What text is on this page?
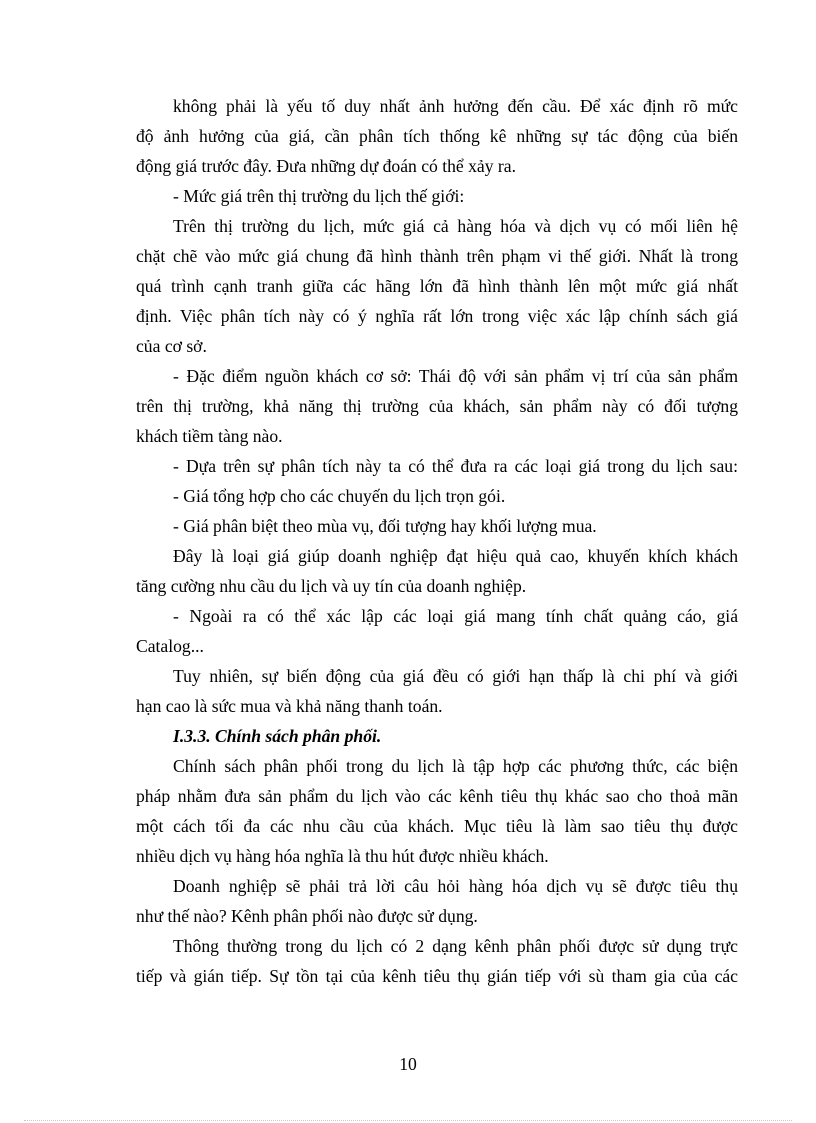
không phải là yếu tố duy nhất ảnh hưởng đến cầu. Để xác định rõ mức
độ ảnh hưởng của giá, cần phân tích thống kê những sự tác động của biến
động giá trước đây. Đưa những dự đoán có thể xảy ra.
- Mức giá trên thị trường du lịch thế giới:
Trên thị trường du lịch, mức giá cả hàng hóa và dịch vụ có mối liên hệ
chặt chẽ vào mức giá chung đã hình thành trên phạm vi thế giới. Nhất là trong
quá trình cạnh tranh giữa các hãng lớn đã hình thành lên một mức giá nhất
định. Việc phân tích này có ý nghĩa rất lớn trong việc xác lập chính sách giá
của cơ sở.
- Đặc điểm nguồn khách cơ sở: Thái độ với sản phẩm vị trí của sản phẩm
trên thị trường, khả năng thị trường của khách, sản phẩm này có đối tượng
khách tiềm tàng nào.
- Dựa trên sự phân tích này ta có thể đưa ra các loại giá trong du lịch sau:
- Giá tổng hợp cho các chuyến du lịch trọn gói.
- Giá phân biệt theo mùa vụ, đối tượng hay khối lượng mua.
Đây là loại giá giúp doanh nghiệp đạt hiệu quả cao, khuyến khích khách
tăng cường nhu cầu du lịch và uy tín của doanh nghiệp.
- Ngoài ra có thể xác lập các loại giá mang tính chất quảng cáo, giá
Catalog...
Tuy nhiên, sự biến động của giá đều có giới hạn thấp là chi phí và giới
hạn cao là sức mua và khả năng thanh toán.
I.3.3. Chính sách phân phối.
Chính sách phân phối trong du lịch là tập hợp các phương thức, các biện
pháp nhằm đưa sản phẩm du lịch vào các kênh tiêu thụ khác sao cho thoả mãn
một cách tối đa các nhu cầu của khách. Mục tiêu là làm sao tiêu thụ được
nhiều dịch vụ hàng hóa nghĩa là thu hút được nhiều khách.
Doanh nghiệp sẽ phải trả lời câu hỏi hàng hóa dịch vụ sẽ được tiêu thụ
như thế nào? Kênh phân phối nào được sử dụng.
Thông thường trong du lịch có 2 dạng kênh phân phối được sử dụng trực
tiếp và gián tiếp. Sự tồn tại của kênh tiêu thụ gián tiếp với sù tham gia của các
10
